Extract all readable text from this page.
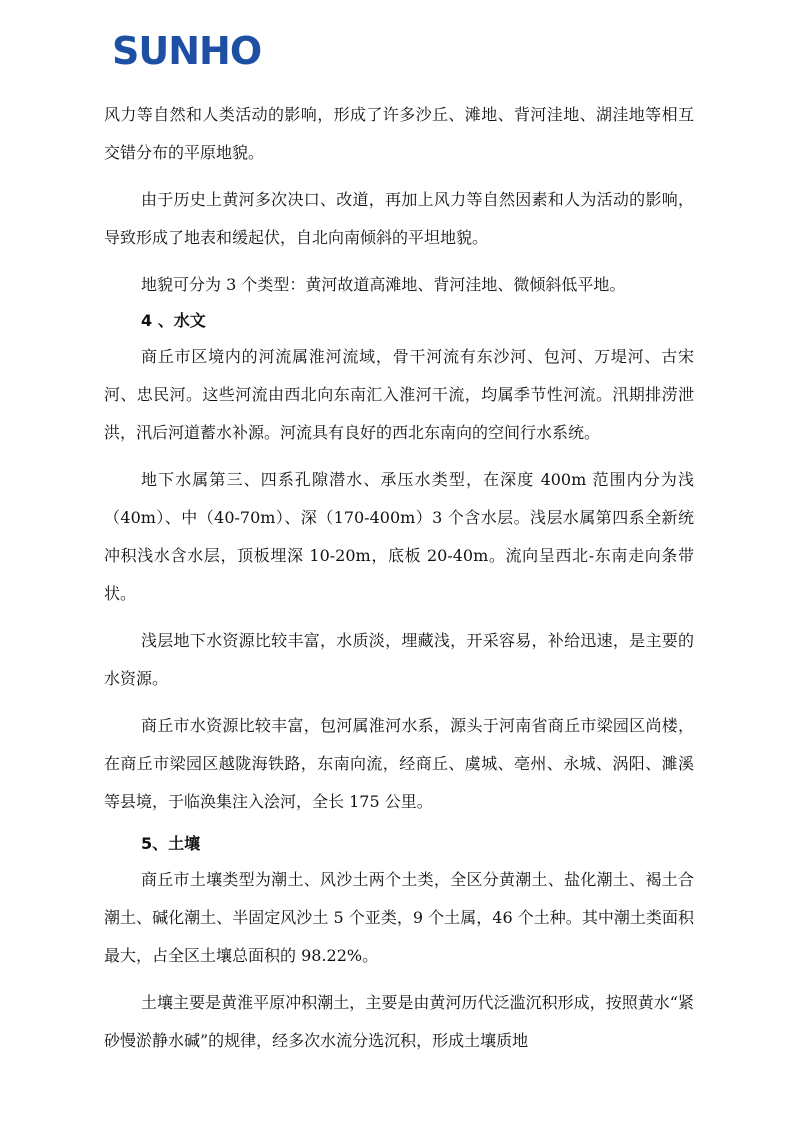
SUNHO

风力等自然和人类活动的影响，形成了许多沙丘、滩地、背河洼地、湖洼地等相互交错分布的平原地貌。

由于历史上黄河多次决口、改道，再加上风力等自然因素和人为活动的影响，导致形成了地表和缓起伏，自北向南倾斜的平坦地貌。

地貌可分为 3 个类型：黄河故道高滩地、背河洼地、微倾斜低平地。

4 、水文

商丘市区境内的河流属淮河流域，骨干河流有东沙河、包河、万堤河、古宋河、忠民河。这些河流由西北向东南汇入淮河干流，均属季节性河流。汛期排涝泄洪，汛后河道蓄水补源。河流具有良好的西北东南向的空间行水系统。

地下水属第三、四系孔隙潜水、承压水类型，在深度 400m 范围内分为浅（40m）、中（40-70m）、深（170-400m）3 个含水层。浅层水属第四系全新统冲积浅水含水层，顶板埋深 10-20m，底板 20-40m。流向呈西北-东南走向条带状。

浅层地下水资源比较丰富，水质淡，埋藏浅，开采容易，补给迅速，是主要的水资源。

商丘市水资源比较丰富，包河属淮河水系，源头于河南省商丘市梁园区尚楼，在商丘市梁园区越陇海铁路，东南向流，经商丘、虞城、亳州、永城、涡阳、濉溪等县境，于临涣集注入浍河，全长 175 公里。

5、土壤

商丘市土壤类型为潮土、风沙土两个土类，全区分黄潮土、盐化潮土、褐土合潮土、碱化潮土、半固定风沙土 5 个亚类，9 个土属，46 个土种。其中潮土类面积最大，占全区土壤总面积的 98.22%。

土壤主要是黄淮平原冲积潮土，主要是由黄河历代泛滥沉积形成，按照黄水“紧砂慢淤静水碱”的规律，经多次水流分选沉积，形成土壤质地
